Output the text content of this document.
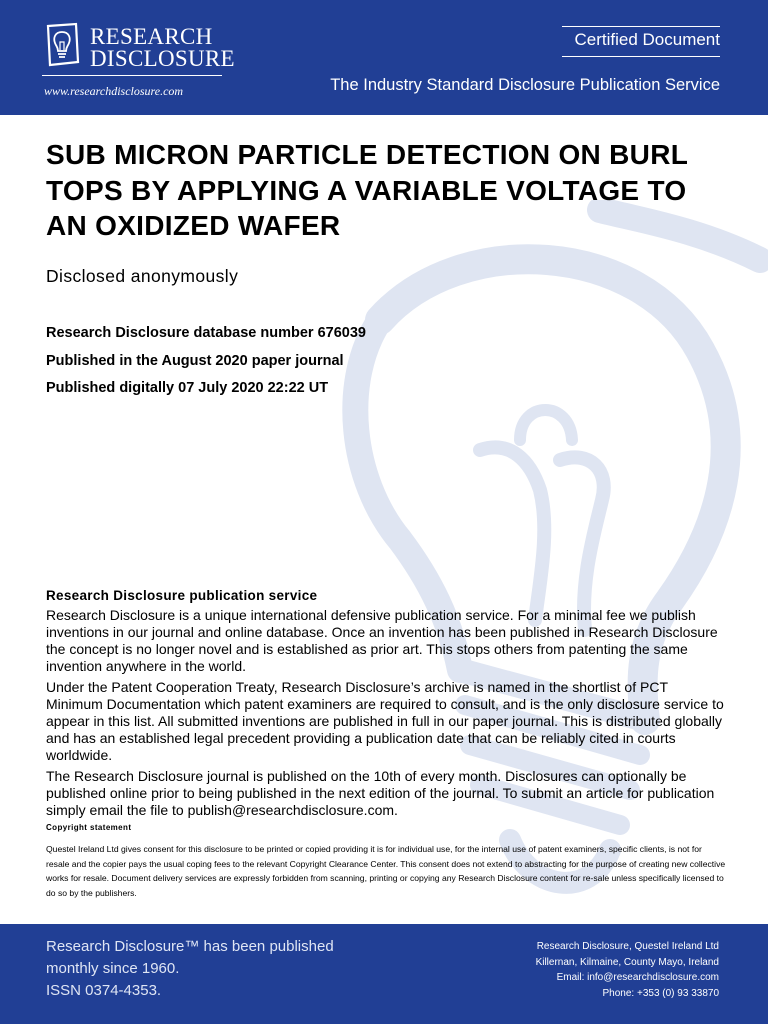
RESEARCH
DISCLOSURE
www.researchdisclosure.com
Certified Document
The Industry Standard Disclosure Publication Service
SUB MICRON PARTICLE DETECTION ON BURL TOPS BY APPLYING A VARIABLE VOLTAGE TO AN OXIDIZED WAFER
Disclosed anonymously
Research Disclosure database number 676039
Published in the August 2020 paper journal
Published digitally 07 July 2020 22:22 UT
Research Disclosure publication service

Research Disclosure is a unique international defensive publication service. For a minimal fee we publish inventions in our journal and online database. Once an invention has been published in Research Disclosure the concept is no longer novel and is established as prior art. This stops others from patenting the same invention anywhere in the world.

Under the Patent Cooperation Treaty, Research Disclosure’s archive is named in the shortlist of PCT Minimum Documentation which patent examiners are required to consult, and is the only disclosure service to appear in this list. All submitted inventions are published in full in our paper journal. This is distributed globally and has an established legal precedent providing a publication date that can be reliably cited in courts worldwide.

The Research Disclosure journal is published on the 10th of every month. Disclosures can optionally be published online prior to being published in the next edition of the journal. To submit an article for publication simply email the file to publish@researchdisclosure.com.

Copyright statement

Questel Ireland Ltd gives consent for this disclosure to be printed or copied providing it is for individual use, for the internal use of patent examiners, specific clients, is not for resale and the copier pays the usual coping fees to the relevant Copyright Clearance Center. This consent does not extend to abstracting for the purpose of creating new collective works for resale. Document delivery services are expressly forbidden from scanning, printing or copying any Research Disclosure content for re-sale unless specifically licensed to do so by the publishers.

Research Disclosure™ has been published
monthly since 1960.
ISSN 0374-4353.
Research Disclosure, Questel Ireland Ltd
Killernan, Kilmaine, County Mayo, Ireland
Email: info@researchdisclosure.com
Phone: +353 (0) 93 33870
